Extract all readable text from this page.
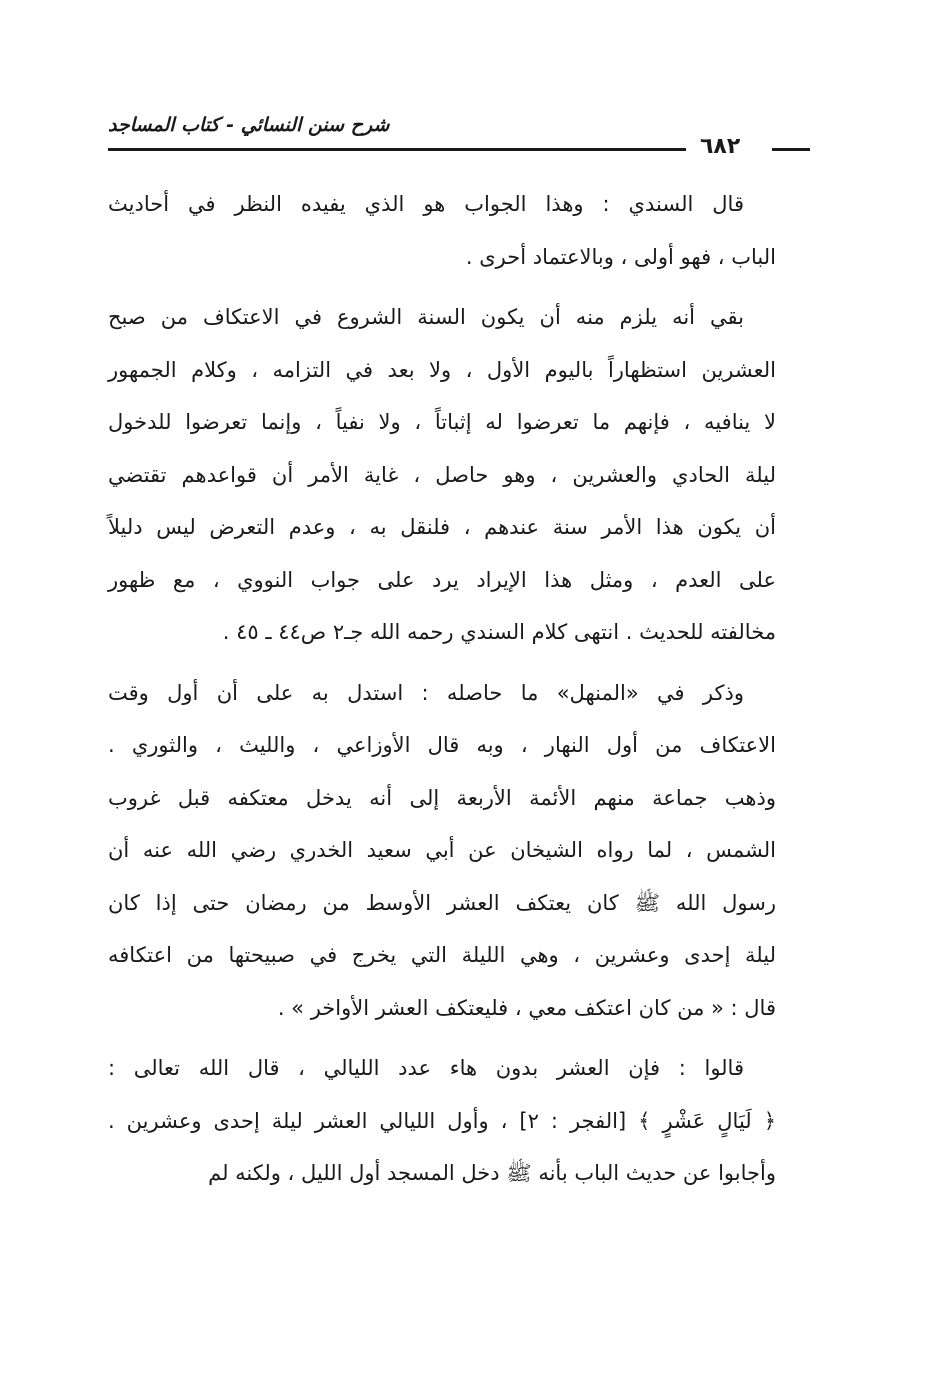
شرح سنن النسائي - كتاب المساجد
٦٨٢
قال السندي : وهذا الجواب هو الذي يفيده النظر في أحاديث
الباب ، فهو أولى ، وبالاعتماد أحرى .
بقي أنه يلزم منه أن يكون السنة الشروع في الاعتكاف من صبح
العشرين استظهاراً باليوم الأول ، ولا بعد في التزامه ، وكلام الجمهور
لا ينافيه ، فإنهم ما تعرضوا له إثباتاً ، ولا نفياً ، وإنما تعرضوا للدخول
ليلة الحادي والعشرين ، وهو حاصل ، غاية الأمر أن قواعدهم تقتضي
أن يكون هذا الأمر سنة عندهم ، فلنقل به ، وعدم التعرض ليس دليلاً
على العدم ، ومثل هذا الإيراد يرد على جواب النووي ، مع ظهور
مخالفته للحديث . انتهى كلام السندي رحمه الله جـ٢ ص٤٤ ـ ٤٥ .
وذكر في «المنهل» ما حاصله : استدل به على أن أول وقت
الاعتكاف من أول النهار ، وبه قال الأوزاعي ، والليث ، والثوري .
وذهب جماعة منهم الأئمة الأربعة إلى أنه يدخل معتكفه قبل غروب
الشمس ، لما رواه الشيخان عن أبي سعيد الخدري رضي الله عنه أن
رسول الله ﷺ كان يعتكف العشر الأوسط من رمضان حتى إذا كان
ليلة إحدى وعشرين ، وهي الليلة التي يخرج في صبيحتها من اعتكافه
قال : « من كان اعتكف معي ، فليعتكف العشر الأواخر » .
قالوا : فإن العشر بدون هاء عدد الليالي ، قال الله تعالى :
﴿ لَيَالٍ عَشْرٍ ﴾ [الفجر : ٢] ، وأول الليالي العشر ليلة إحدى وعشرين .
وأجابوا عن حديث الباب بأنه ﷺ دخل المسجد أول الليل ، ولكنه لم
